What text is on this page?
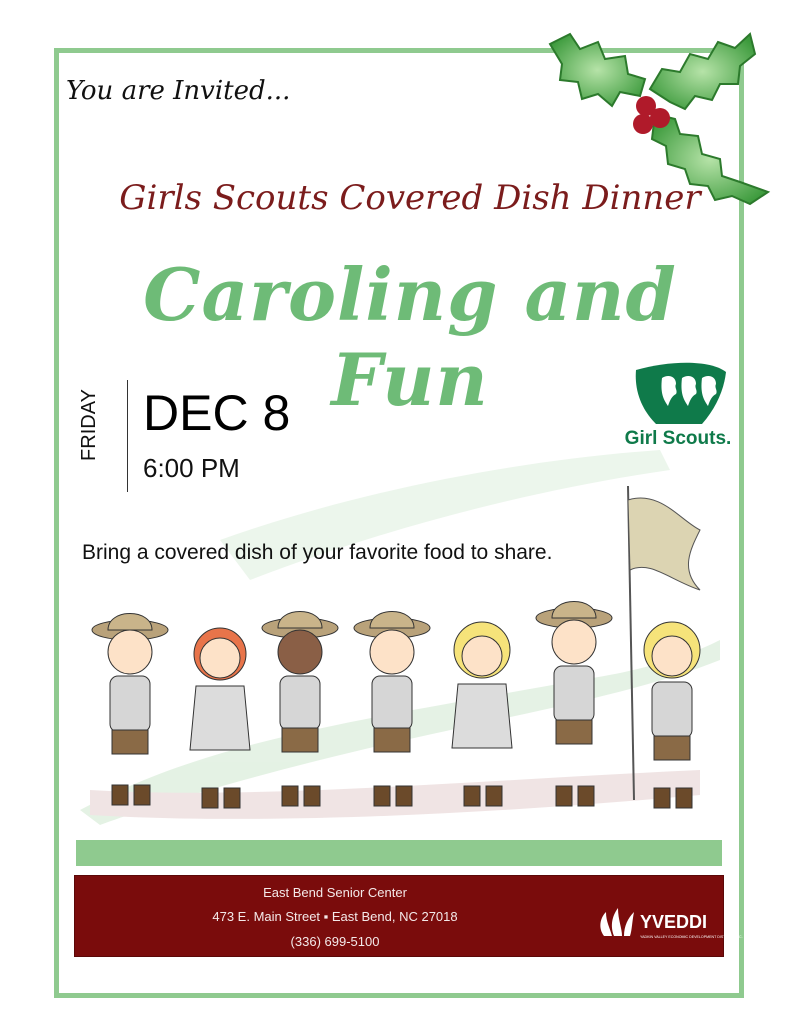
You are Invited...
Girls Scouts Covered Dish Dinner
Caroling and Fun
FRIDAY DEC 8
6:00 PM
Girl Scouts.
Bring a covered dish of your favorite food to share.
East Bend Senior Center
473 E. Main Street ▪ East Bend, NC 27018
(336) 699-5100
YVEDDI
YADKIN VALLEY ECONOMIC DEVELOPMENT DISTRICT, INC.
